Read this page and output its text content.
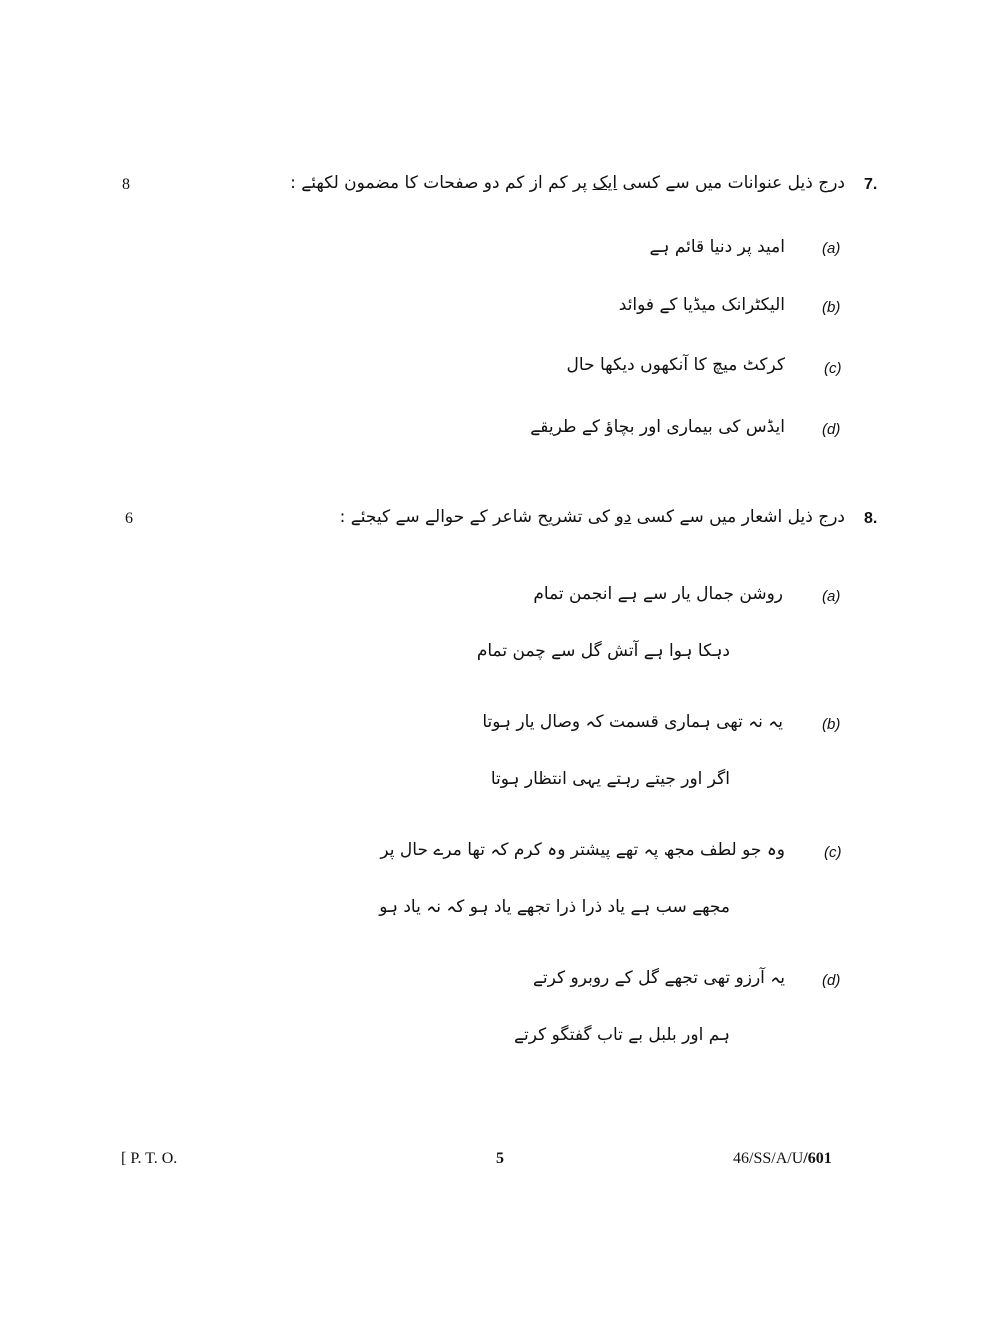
8	7.
درج ذیل عنوانات میں سے کسی ایک پر کم از کم دو صفحات کا مضمون لکھئے :
(a)
امید پر دنیا قائم ہے
(b)
الیکٹرانک میڈیا کے فوائد
(c)
کرکٹ میچ کا آنکھوں دیکھا حال
(d)
ایڈس کی بیماری اور بچاؤ کے طریقے
6	8.
درج ذیل اشعار میں سے کسی دو کی تشریح شاعر کے حوالے سے کیجئے :
(a)
روشن جمال یار سے ہے انجمن تمام
دہکا ہوا ہے آتش گل سے چمن تمام
(b)
یہ نہ تھی ہماری قسمت کہ وصال یار ہوتا
اگر اور جیتے رہتے یہی انتظار ہوتا
(c)
وہ جو لطف مجھ پہ تھے پیشتر وہ کرم کہ تھا مرے حال پر
مجھے سب ہے یاد ذرا ذرا تجھے یاد ہو کہ نہ یاد ہو
(d)
یہ آرزو تھی تجھے گل کے روبرو کرتے
ہم اور بلبل بے تاب گفتگو کرتے
[ P. T. O.	5	46/SS/A/U/601
